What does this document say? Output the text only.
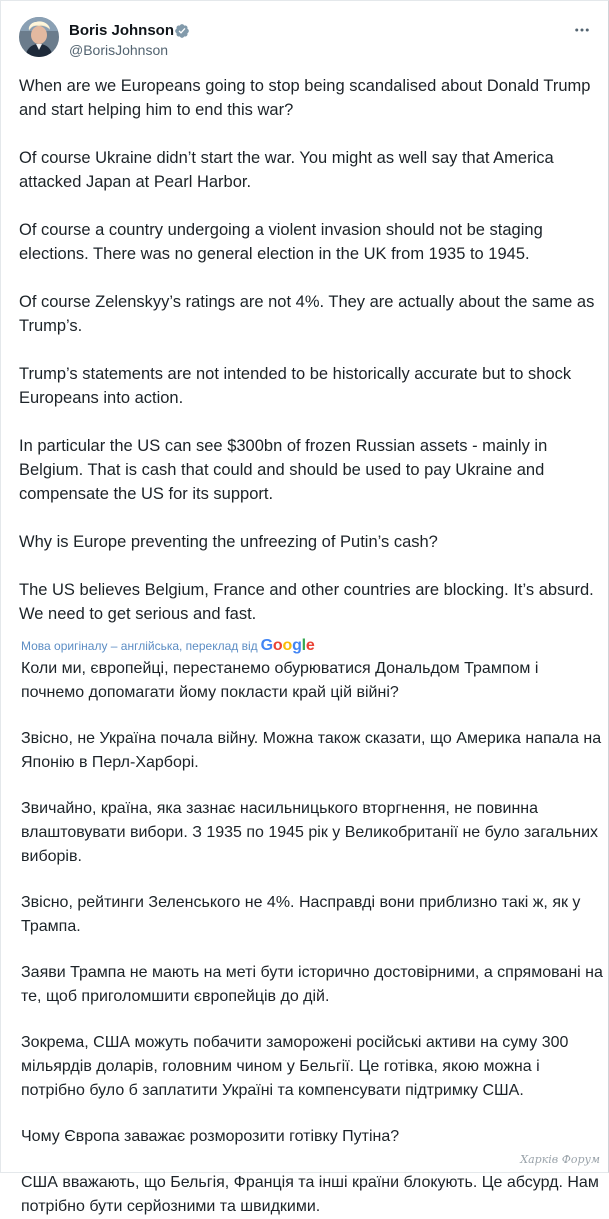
Boris Johnson
@BorisJohnson

When are we Europeans going to stop being scandalised about Donald Trump and start helping him to end this war?

Of course Ukraine didn’t start the war. You might as well say that America attacked Japan at Pearl Harbor.

Of course a country undergoing a violent invasion should not be staging elections. There was no general election in the UK from 1935 to 1945.

Of course Zelenskyy’s ratings are not 4%. They are actually about the same as Trump’s.

Trump’s statements are not intended to be historically accurate but to shock Europeans into action.

In particular the US can see $300bn of frozen Russian assets - mainly in Belgium. That is cash that could and should be used to pay Ukraine and compensate the US for its support.

Why is Europe preventing the unfreezing of Putin’s cash?

The US believes Belgium, France and other countries are blocking. It’s absurd. We need to get serious and fast.

Мова оригіналу – англійська, переклад від Google

Коли ми, європейці, перестанемо обурюватися Дональдом Трампом і почнемо допомагати йому покласти край цій війні?

Звісно, не Україна почала війну. Можна також сказати, що Америка напала на Японію в Перл-Харборі.

Звичайно, країна, яка зазнає насильницького вторгнення, не повинна влаштовувати вибори. З 1935 по 1945 рік у Великобританії не було загальних виборів.

Звісно, рейтинги Зеленського не 4%. Насправді вони приблизно такі ж, як у Трампа.

Заяви Трампа не мають на меті бути історично достовірними, а спрямовані на те, щоб приголомшити європейців до дій.

Зокрема, США можуть побачити заморожені російські активи на суму 300 мільярдів доларів, головним чином у Бельгії. Це готівка, якою можна і потрібно було б заплатити Україні та компенсувати підтримку США.

Чому Європа заважає розморозити готівку Путіна?

США вважають, що Бельгія, Франція та інші країни блокують. Це абсурд. Нам потрібно бути серйозними та швидкими.

Харків Форум
